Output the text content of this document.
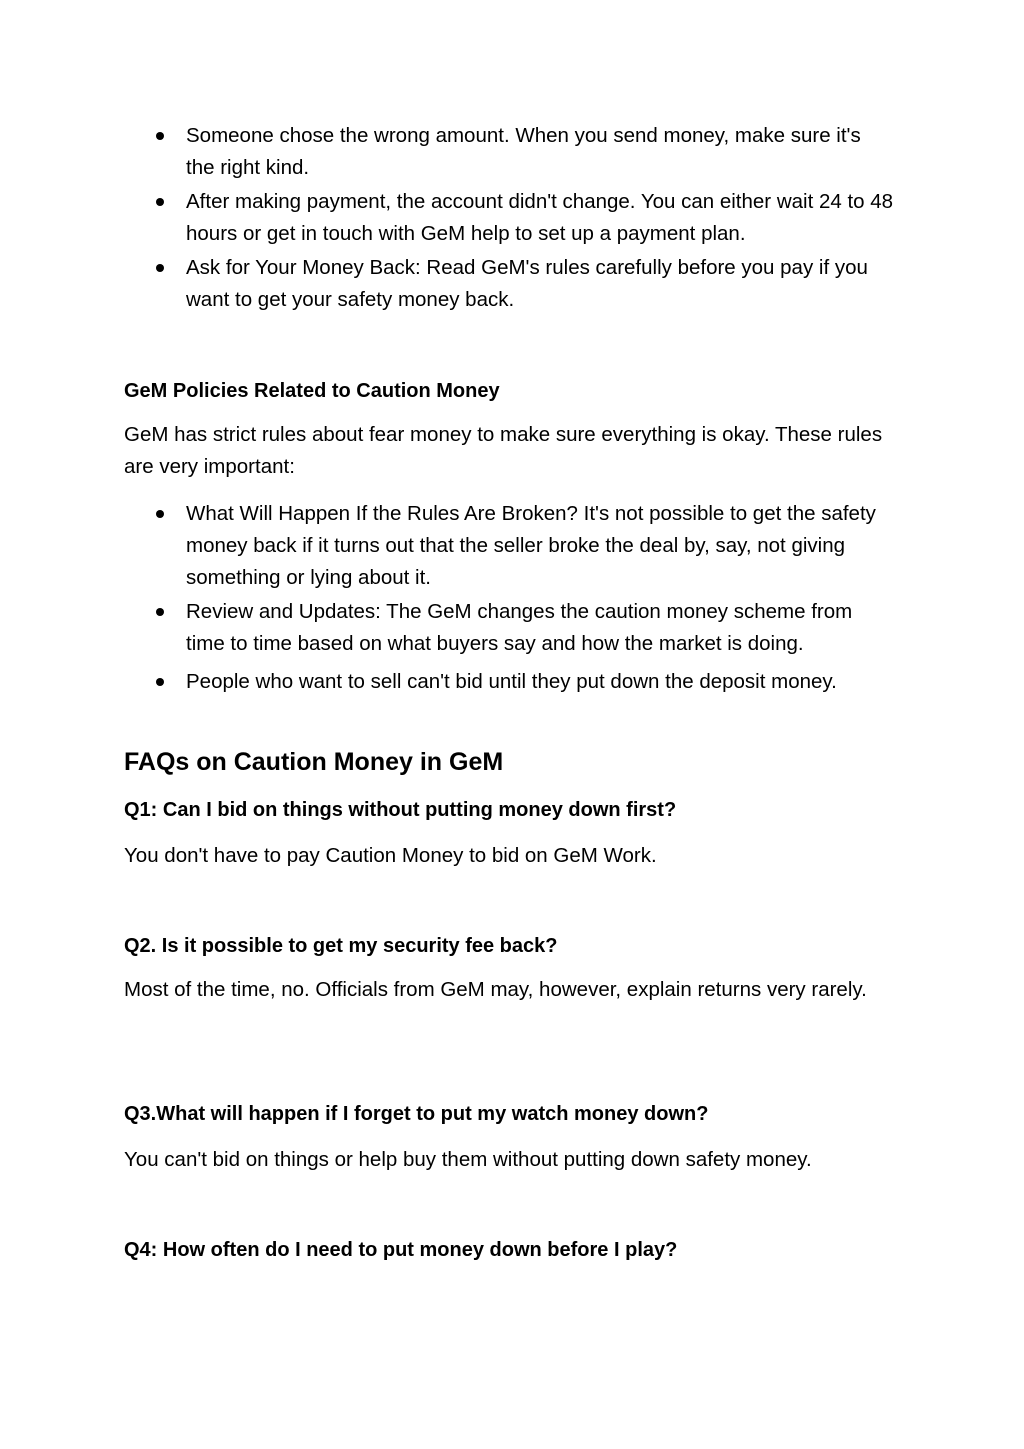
Someone chose the wrong amount. When you send money, make sure it's the right kind.
After making payment, the account didn't change. You can either wait 24 to 48 hours or get in touch with GeM help to set up a payment plan.
Ask for Your Money Back: Read GeM's rules carefully before you pay if you want to get your safety money back.
GeM Policies Related to Caution Money

GeM has strict rules about fear money to make sure everything is okay. These rules are very important:

What Will Happen If the Rules Are Broken? It's not possible to get the safety money back if it turns out that the seller broke the deal by, say, not giving something or lying about it.
Review and Updates: The GeM changes the caution money scheme from time to time based on what buyers say and how the market is doing.
People who want to sell can't bid until they put down the deposit money.
FAQs on Caution Money in GeM
Q1: Can I bid on things without putting money down first?

You don't have to pay Caution Money to bid on GeM Work.

Q2. Is it possible to get my security fee back?

Most of the time, no. Officials from GeM may, however, explain returns very rarely.

Q3.What will happen if I forget to put my watch money down?

You can't bid on things or help buy them without putting down safety money.

Q4: How often do I need to put money down before I play?
